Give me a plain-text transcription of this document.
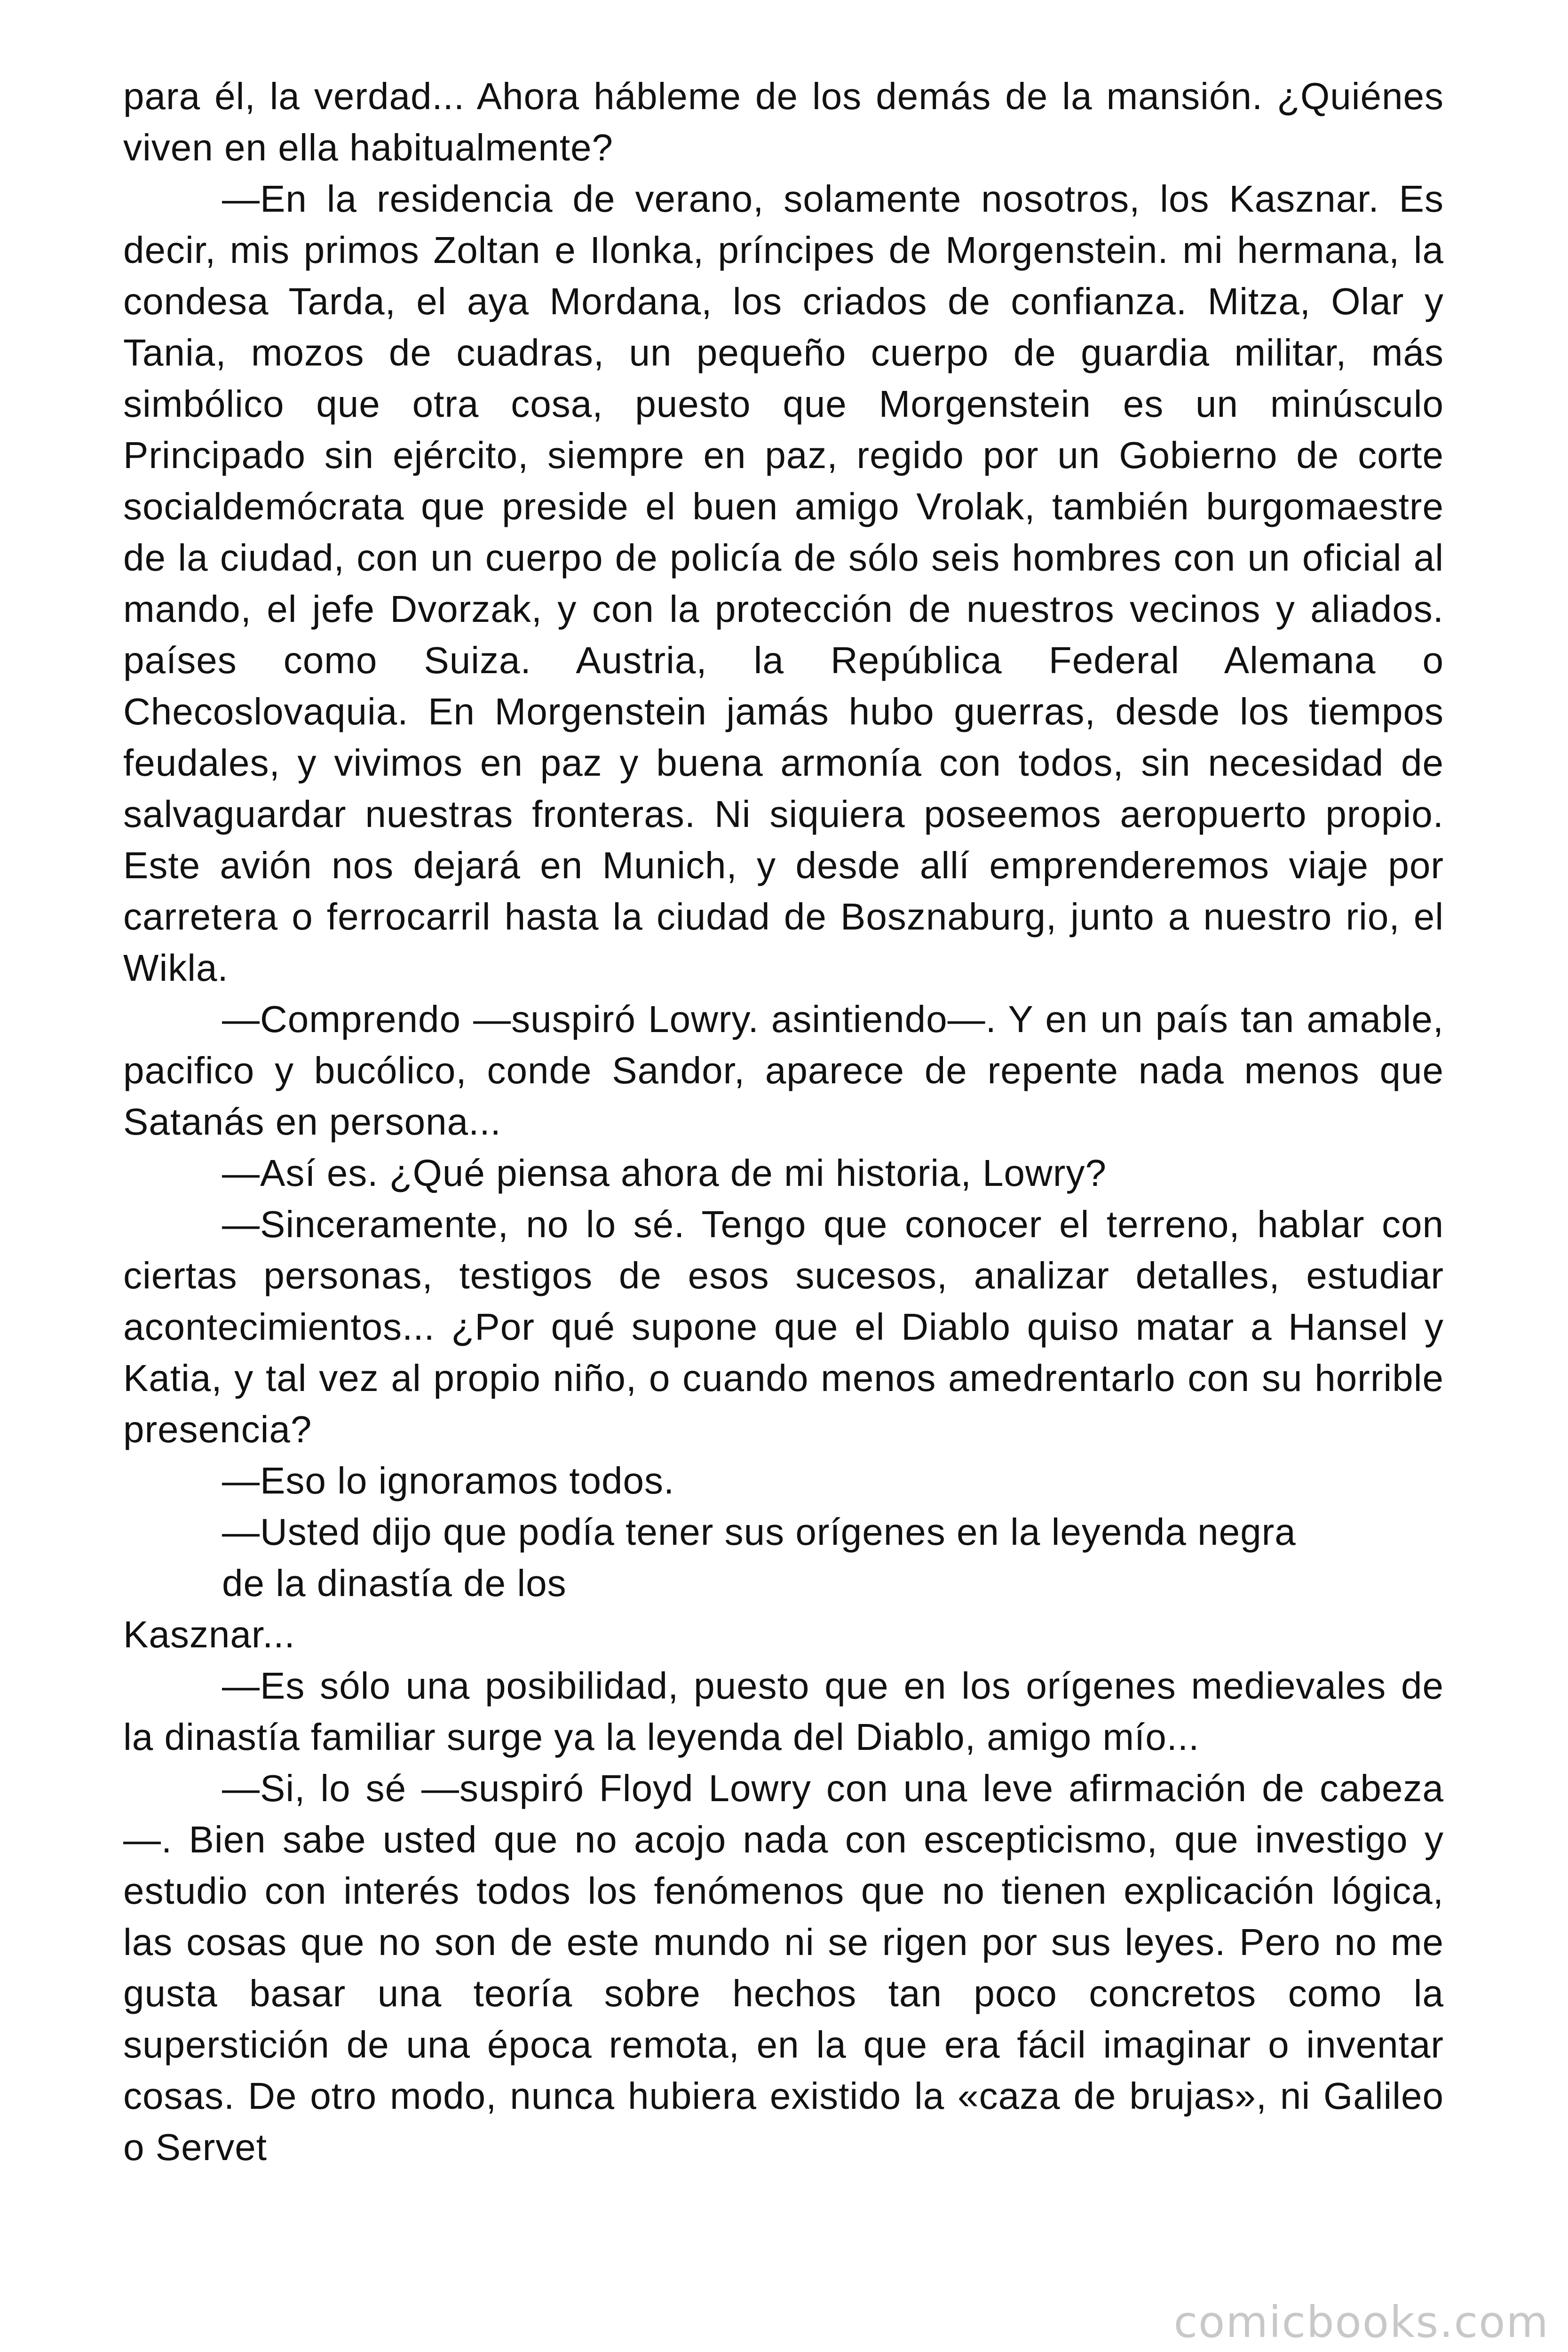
para él, la verdad... Ahora hábleme de los demás de la mansión. ¿Quiénes viven en ella habitualmente?

—En la residencia de verano, solamente nosotros, los Kasznar. Es decir, mis primos Zoltan e Ilonka, príncipes de Morgenstein. mi hermana, la condesa Tarda, el aya Mordana, los criados de confianza. Mitza, Olar y Tania, mozos de cuadras, un pequeño cuerpo de guardia militar, más simbólico que otra cosa, puesto que Morgenstein es un minúsculo Principado sin ejército, siempre en paz, regido por un Gobierno de corte socialdemócrata que preside el buen amigo Vrolak, también burgomaestre de la ciudad, con un cuerpo de policía de sólo seis hombres con un oficial al mando, el jefe Dvorzak, y con la protección de nuestros vecinos y aliados. países como Suiza. Austria, la República Federal Alemana o Checoslovaquia. En Morgenstein jamás hubo guerras, desde los tiempos feudales, y vivimos en paz y buena armonía con todos, sin necesidad de salvaguardar nuestras fronteras. Ni siquiera poseemos aeropuerto propio. Este avión nos dejará en Munich, y desde allí emprenderemos viaje por carretera o ferrocarril hasta la ciudad de Bosznaburg, junto a nuestro rio, el Wikla.

—Comprendo —suspiró Lowry. asintiendo—. Y en un país tan amable, pacifico y bucólico, conde Sandor, aparece de repente nada menos que Satanás en persona...

—Así es. ¿Qué piensa ahora de mi historia, Lowry?

—Sinceramente, no lo sé. Tengo que conocer el terreno, hablar con ciertas personas, testigos de esos sucesos, analizar detalles, estudiar acontecimientos... ¿Por qué supone que el Diablo quiso matar a Hansel y Katia, y tal vez al propio niño, o cuando menos amedrentarlo con su horrible presencia?

—Eso lo ignoramos todos.

—Usted dijo que podía tener sus orígenes en la leyenda negra

de la dinastía de los

Kasznar...

—Es sólo una posibilidad, puesto que en los orígenes medievales de la dinastía familiar surge ya la leyenda del Diablo, amigo mío...

—Si, lo sé —suspiró Floyd Lowry con una leve afirmación de cabeza—. Bien sabe usted que no acojo nada con escepticismo, que investigo y estudio con interés todos los fenómenos que no tienen explicación lógica, las cosas que no son de este mundo ni se rigen por sus leyes. Pero no me gusta basar una teoría sobre hechos tan poco concretos como la superstición de una época remota, en la que era fácil imaginar o inventar cosas. De otro modo, nunca hubiera existido la «caza de brujas», ni Galileo o Servet

comicbooks.com
